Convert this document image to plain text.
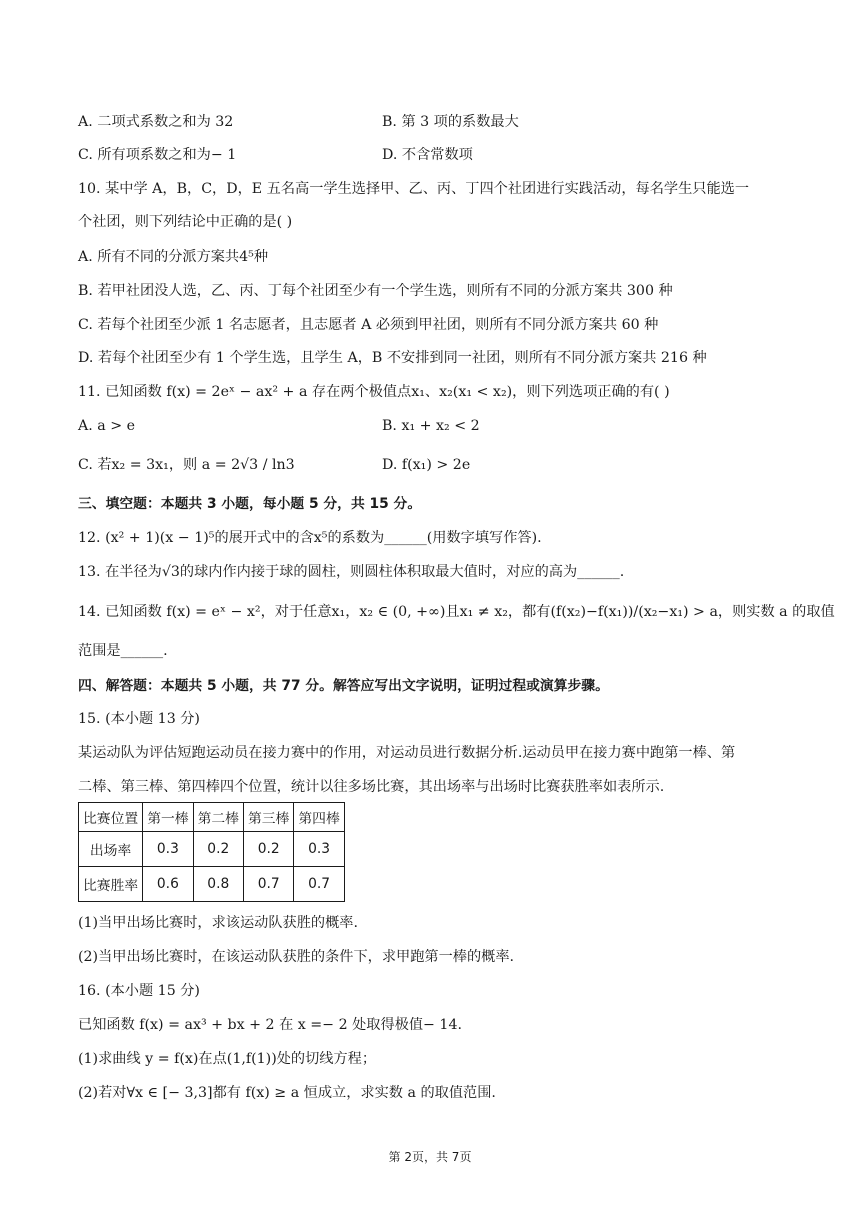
A. 二项式系数之和为 32	B. 第 3 项的系数最大
C. 所有项系数之和为− 1	D. 不含常数项
10. 某中学 A，B，C，D，E 五名高一学生选择甲、乙、丙、丁四个社团进行实践活动，每名学生只能选一
个社团，则下列结论中正确的是( )
A. 所有不同的分派方案共4⁵种
B. 若甲社团没人选，乙、丙、丁每个社团至少有一个学生选，则所有不同的分派方案共 300 种
C. 若每个社团至少派 1 名志愿者，且志愿者 A 必须到甲社团，则所有不同分派方案共 60 种
D. 若每个社团至少有 1 个学生选，且学生 A，B 不安排到同一社团，则所有不同分派方案共 216 种
11. 已知函数 f(x) = 2eˣ − ax² + a 存在两个极值点x₁、x₂(x₁ < x₂)，则下列选项正确的有( )
A. a > e	B. x₁ + x₂ < 2
C. 若x₂ = 3x₁，则 a = 2√3 / ln3	D. f(x₁) > 2e
三、填空题：本题共 3 小题，每小题 5 分，共 15 分。
12. (x² + 1)(x − 1)⁵的展开式中的含x⁵的系数为______(用数字填写作答).
13. 在半径为√3的球内作内接于球的圆柱，则圆柱体积取最大值时，对应的高为______.
14. 已知函数 f(x) = eˣ − x²，对于任意x₁，x₂ ∈ (0, +∞)且x₁ ≠ x₂，都有(f(x₂)−f(x₁))/(x₂−x₁) > a，则实数 a 的取值
范围是______.
四、解答题：本题共 5 小题，共 77 分。解答应写出文字说明，证明过程或演算步骤。
15. (本小题 13 分)
某运动队为评估短跑运动员在接力赛中的作用，对运动员进行数据分析.运动员甲在接力赛中跑第一棒、第
二棒、第三棒、第四棒四个位置，统计以往多场比赛，其出场率与出场时比赛获胜率如表所示.
比赛位置	第一棒	第二棒	第三棒	第四棒
出场率	0.3	0.2	0.2	0.3
比赛胜率	0.6	0.8	0.7	0.7
(1)当甲出场比赛时，求该运动队获胜的概率.
(2)当甲出场比赛时，在该运动队获胜的条件下，求甲跑第一棒的概率.
16. (本小题 15 分)
已知函数 f(x) = ax³ + bx + 2 在 x =− 2 处取得极值− 14.
(1)求曲线 y = f(x)在点(1,f(1))处的切线方程；
(2)若对∀x ∈ [− 3,3]都有 f(x) ≥ a 恒成立，求实数 a 的取值范围.
第 2页，共 7页
